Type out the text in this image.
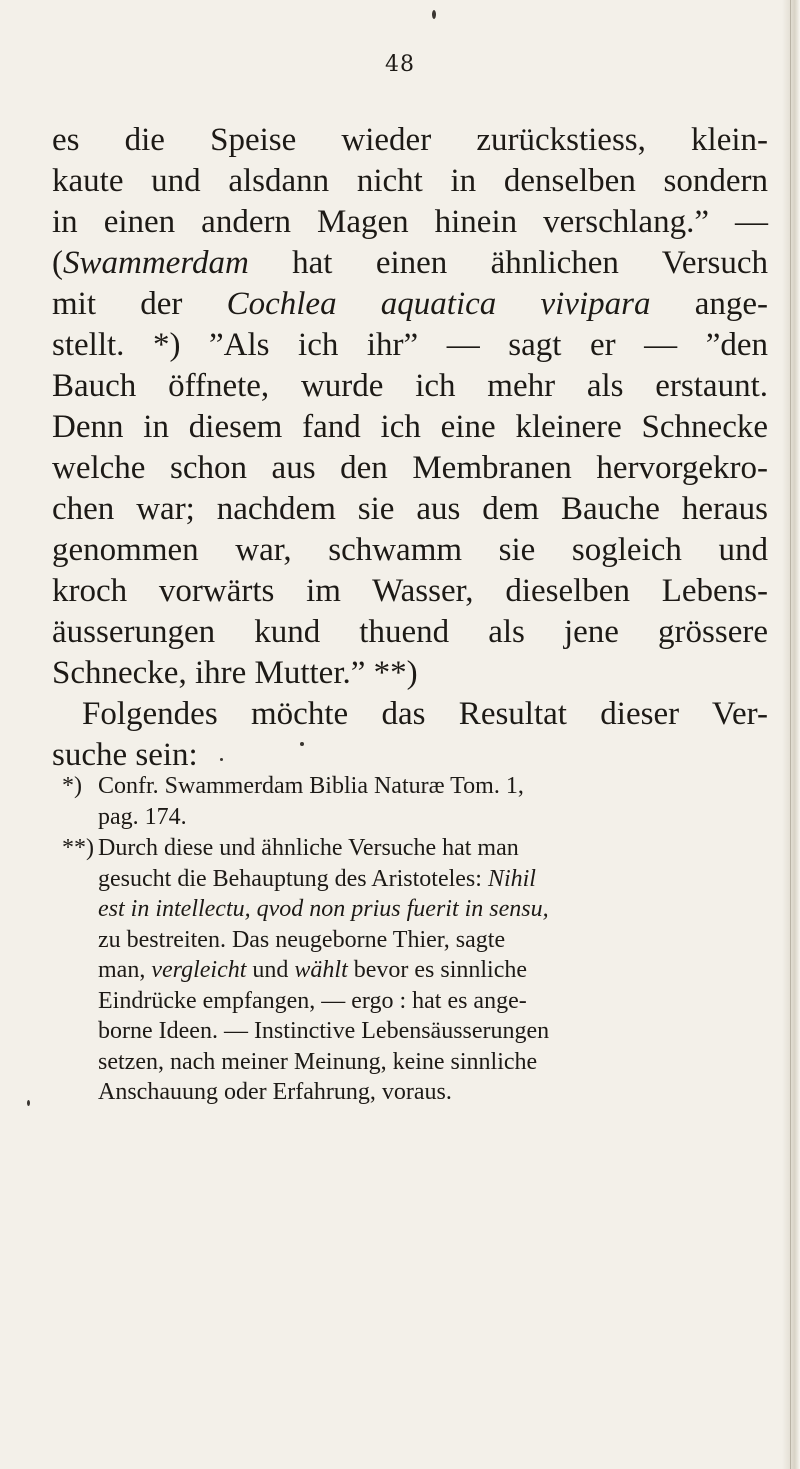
48
es die Speise wieder zurückstiess, klein-
kaute und alsdann nicht in denselben sondern
in einen andern Magen hinein verschlang.” —
(Swammerdam hat einen ähnlichen Versuch
mit der Cochlea aquatica vivipara ange-
stellt. *) ”Als ich ihr” — sagt er — ”den
Bauch öffnete, wurde ich mehr als erstaunt.
Denn in diesem fand ich eine kleinere Schnecke
welche schon aus den Membranen hervorgekro-
chen war; nachdem sie aus dem Bauche heraus
genommen war, schwamm sie sogleich und
kroch vorwärts im Wasser, dieselben Lebens-
äusserungen kund thuend als jene grössere
Schnecke, ihre Mutter.” **)
Folgendes möchte das Resultat dieser Ver-
suche sein:
*) Confr. Swammerdam Biblia Naturæ Tom. 1,
pag. 174.
**) Durch diese und ähnliche Versuche hat man
gesucht die Behauptung des Aristoteles: Nihil
est in intellectu, qvod non prius fuerit in sensu,
zu bestreiten. Das neugeborne Thier, sagte
man, vergleicht und wählt bevor es sinnliche
Eindrücke empfangen, — ergo : hat es ange-
borne Ideen. — Instinctive Lebensäusserungen
setzen, nach meiner Meinung, keine sinnliche
Anschauung oder Erfahrung, voraus.
